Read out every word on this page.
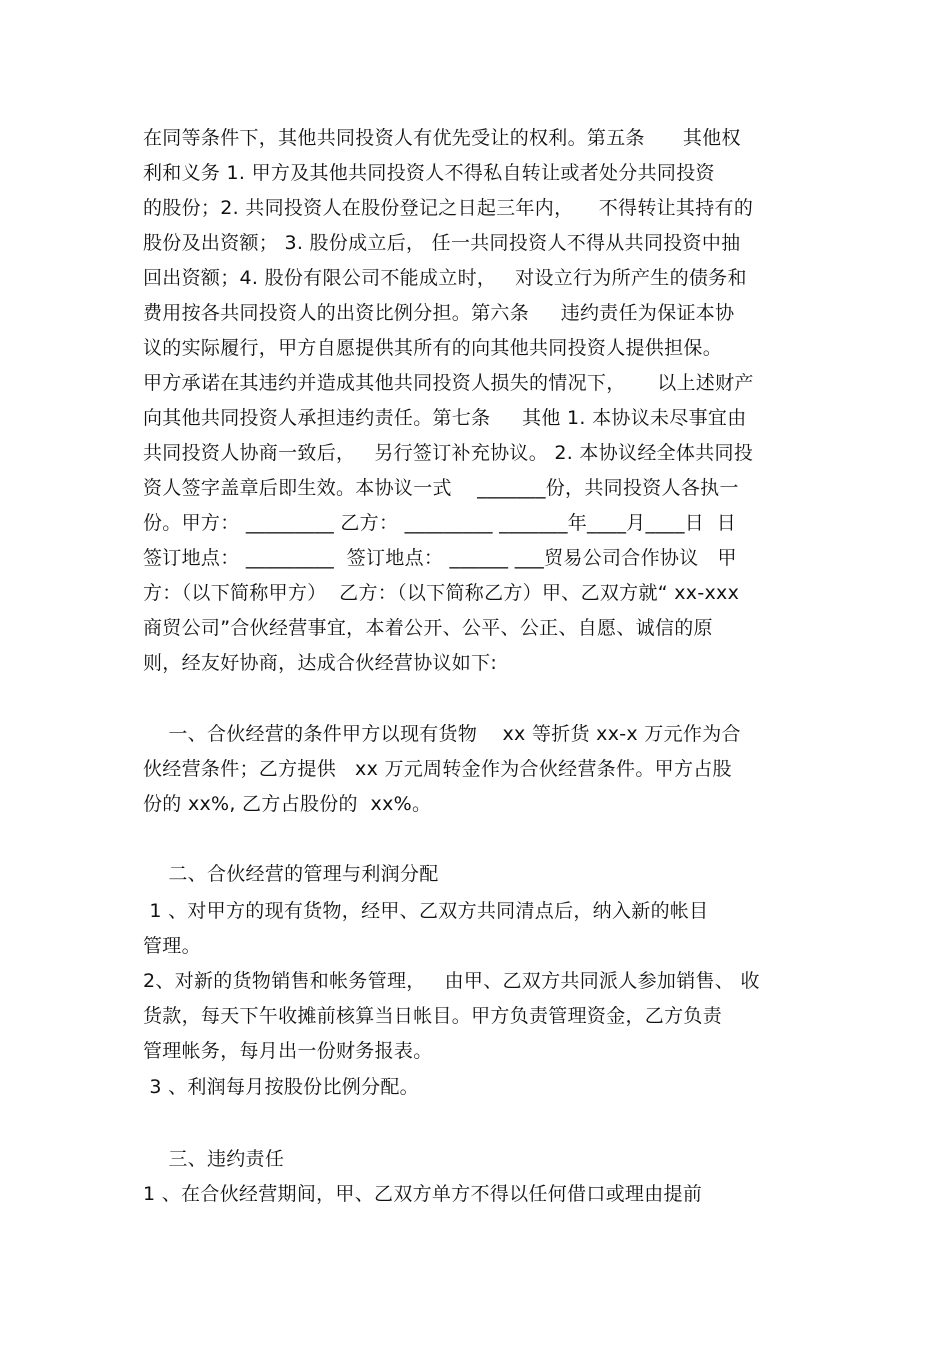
在同等条件下，其他共同投资人有优先受让的权利。第五条      其他权
利和义务 1. 甲方及其他共同投资人不得私自转让或者处分共同投资
的股份；2. 共同投资人在股份登记之日起三年内，    不得转让其持有的
股份及出资额； 3. 股份成立后， 任一共同投资人不得从共同投资中抽
回出资额；4. 股份有限公司不能成立时，   对设立行为所产生的债务和
费用按各共同投资人的出资比例分担。第六条     违约责任为保证本协
议的实际履行，甲方自愿提供其所有的向其他共同投资人提供担保。
甲方承诺在其违约并造成其他共同投资人损失的情况下，     以上述财产
向其他共同投资人承担违约责任。第七条     其他 1. 本协议未尽事宜由
共同投资人协商一致后，   另行签订补充协议。 2. 本协议经全体共同投
资人签字盖章后即生效。本协议一式    _______份，共同投资人各执一
份。甲方： _________ 乙方： _________ _______年____月____日  日
签订地点： _________  签订地点： ______ ___贸易公司合作协议   甲
方：（以下简称甲方）  乙方：（以下简称乙方）甲、乙双方就“ xx-xxx
商贸公司”合伙经营事宜，本着公开、公平、公正、自愿、诚信的原
则，经友好协商，达成合伙经营协议如下:
一、合伙经营的条件甲方以现有货物    xx 等折货 xx-x 万元作为合
伙经营条件；乙方提供   xx 万元周转金作为合伙经营条件。甲方占股
份的 xx%, 乙方占股份的  xx%。
二、合伙经营的管理与利润分配
1 、对甲方的现有货物，经甲、乙双方共同清点后，纳入新的帐目
管理。
2、对新的货物销售和帐务管理，   由甲、乙双方共同派人参加销售、 收
货款，每天下午收摊前核算当日帐目。甲方负责管理资金，乙方负责
管理帐务，每月出一份财务报表。
3 、利润每月按股份比例分配。
三、违约责任
1 、在合伙经营期间，甲、乙双方单方不得以任何借口或理由提前
